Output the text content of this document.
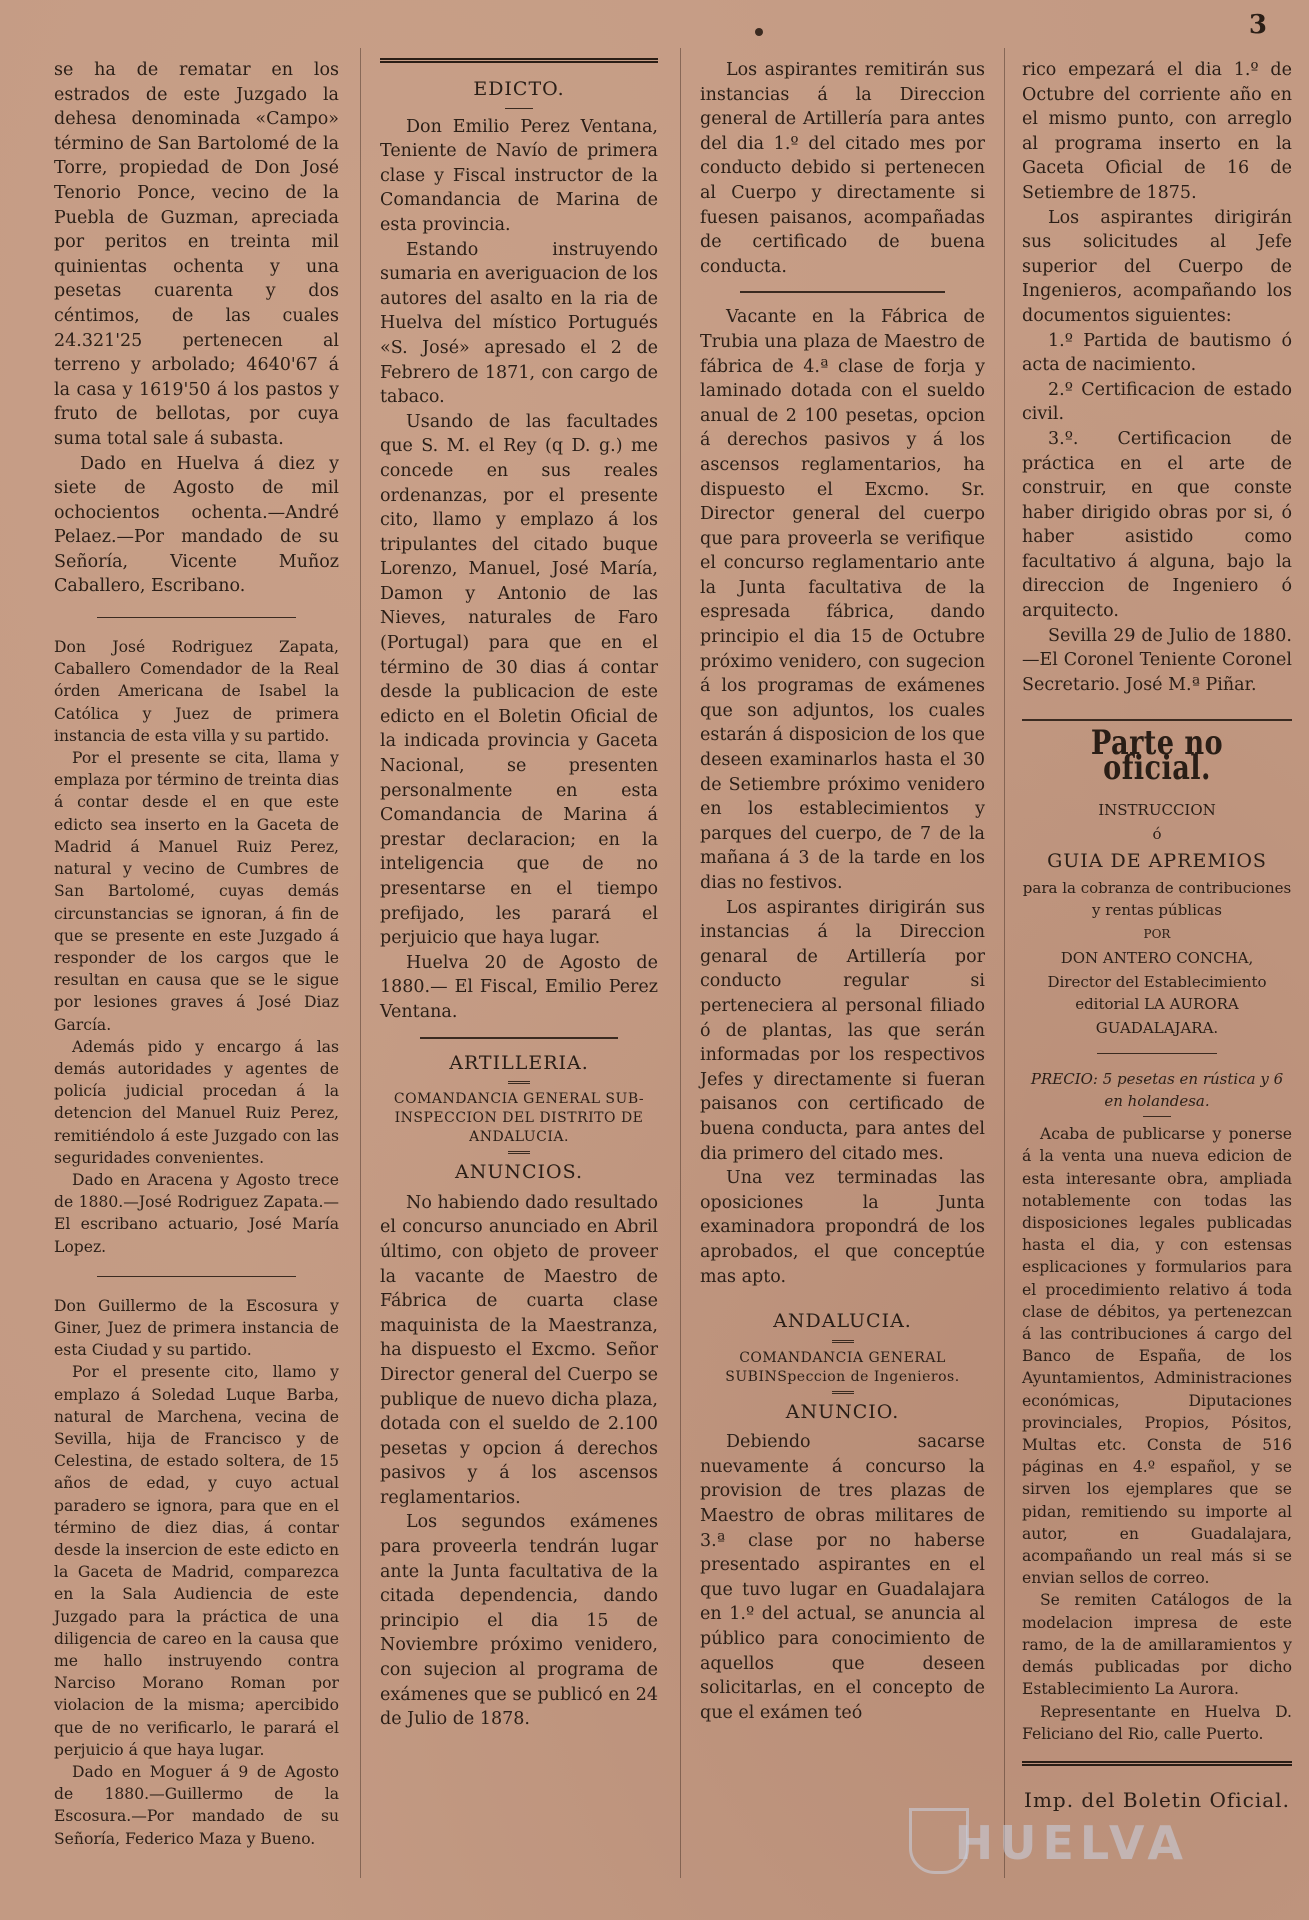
3

se ha de rematar en los estrados de este Juzgado la dehesa denominada «Campo» término de San Bartolomé de la Torre, propiedad de Don José Tenorio Ponce, vecino de la Puebla de Guzman, apreciada por peritos en treinta mil quinientas ochenta y una pesetas cuarenta y dos céntimos, de las cuales 24.321'25 pertenecen al terreno y arbolado; 4640'67 á la casa y 1619'50 á los pastos y fruto de bellotas, por cuya suma total sale á subasta.

Dado en Huelva á diez y siete de Agosto de mil ochocientos ochenta.—André Pelaez.—Por mandado de su Señoría, Vicente Muñoz Caballero, Escribano.

Don José Rodriguez Zapata, Caballero Comendador de la Real órden Americana de Isabel la Católica y Juez de primera instancia de esta villa y su partido.

Por el presente se cita, llama y emplaza por término de treinta dias á contar desde el en que este edicto sea inserto en la Gaceta de Madrid á Manuel Ruiz Perez, natural y vecino de Cumbres de San Bartolomé, cuyas demás circunstancias se ignoran, á fin de que se presente en este Juzgado á responder de los cargos que le resultan en causa que se le sigue por lesiones graves á José Diaz García.

Además pido y encargo á las demás autoridades y agentes de policía judicial procedan á la detencion del Manuel Ruiz Perez, remitiéndolo á este Juzgado con las seguridades convenientes.

Dado en Aracena y Agosto trece de 1880.—José Rodriguez Zapata.—El escribano actuario, José María Lopez.

Don Guillermo de la Escosura y Giner, Juez de primera instancia de esta Ciudad y su partido.

Por el presente cito, llamo y emplazo á Soledad Luque Barba, natural de Marchena, vecina de Sevilla, hija de Francisco y de Celestina, de estado soltera, de 15 años de edad, y cuyo actual paradero se ignora, para que en el término de diez dias, á contar desde la insercion de este edicto en la Gaceta de Madrid, comparezca en la Sala Audiencia de este Juzgado para la práctica de una diligencia de careo en la causa que me hallo instruyendo contra Narciso Morano Roman por violacion de la misma; apercibido que de no verificarlo, le parará el perjuicio á que haya lugar.

Dado en Moguer á 9 de Agosto de 1880.—Guillermo de la Escosura.—Por mandado de su Señoría, Federico Maza y Bueno.

EDICTO.

Don Emilio Perez Ventana, Teniente de Navío de primera clase y Fiscal instructor de la Comandancia de Marina de esta provincia.

Estando instruyendo sumaria en averiguacion de los autores del asalto en la ria de Huelva del místico Portugués «S. José» apresado el 2 de Febrero de 1871, con cargo de tabaco.

Usando de las facultades que S. M. el Rey (q D. g.) me concede en sus reales ordenanzas, por el presente cito, llamo y emplazo á los tripulantes del citado buque Lorenzo, Manuel, José María, Damon y Antonio de las Nieves, naturales de Faro (Portugal) para que en el término de 30 dias á contar desde la publicacion de este edicto en el Boletin Oficial de la indicada provincia y Gaceta Nacional, se presenten personalmente en esta Comandancia de Marina á prestar declaracion; en la inteligencia que de no presentarse en el tiempo prefijado, les parará el perjuicio que haya lugar.

Huelva 20 de Agosto de 1880.— El Fiscal, Emilio Perez Ventana.

ARTILLERIA.
COMANDANCIA GENERAL SUB-INSPECCION DEL DISTRITO DE ANDALUCIA.
ANUNCIOS.

No habiendo dado resultado el concurso anunciado en Abril último, con objeto de proveer la vacante de Maestro de Fábrica de cuarta clase maquinista de la Maestranza, ha dispuesto el Excmo. Señor Director general del Cuerpo se publique de nuevo dicha plaza, dotada con el sueldo de 2.100 pesetas y opcion á derechos pasivos y á los ascensos reglamentarios.

Los segundos exámenes para proveerla tendrán lugar ante la Junta facultativa de la citada dependencia, dando principio el dia 15 de Noviembre próximo venidero, con sujecion al programa de exámenes que se publicó en 24 de Julio de 1878.

Los aspirantes remitirán sus instancias á la Direccion general de Artillería para antes del dia 1.º del citado mes por conducto debido si pertenecen al Cuerpo y directamente si fuesen paisanos, acompañadas de certificado de buena conducta.

Vacante en la Fábrica de Trubia una plaza de Maestro de fábrica de 4.ª clase de forja y laminado dotada con el sueldo anual de 2 100 pesetas, opcion á derechos pasivos y á los ascensos reglamentarios, ha dispuesto el Excmo. Sr. Director general del cuerpo que para proveerla se verifique el concurso reglamentario ante la Junta facultativa de la espresada fábrica, dando principio el dia 15 de Octubre próximo venidero, con sugecion á los programas de exámenes que son adjuntos, los cuales estarán á disposicion de los que deseen examinarlos hasta el 30 de Setiembre próximo venidero en los establecimientos y parques del cuerpo, de 7 de la mañana á 3 de la tarde en los dias no festivos.

Los aspirantes dirigirán sus instancias á la Direccion genaral de Artillería por conducto regular si perteneciera al personal filiado ó de plantas, las que serán informadas por los respectivos Jefes y directamente si fueran paisanos con certificado de buena conducta, para antes del dia primero del citado mes.

Una vez terminadas las oposiciones la Junta examinadora propondrá de los aprobados, el que conceptúe mas apto.

ANDALUCIA.
COMANDANCIA GENERAL SUBINSpeccion de Ingenieros.
ANUNCIO.

Debiendo sacarse nuevamente á concurso la provision de tres plazas de Maestro de obras militares de 3.ª clase por no haberse presentado aspirantes en el que tuvo lugar en Guadalajara en 1.º del actual, se anuncia al público para conocimiento de aquellos que deseen solicitarlas, en el concepto de que el exámen teó

rico empezará el dia 1.º de Octubre del corriente año en el mismo punto, con arreglo al programa inserto en la Gaceta Oficial de 16 de Setiembre de 1875.

Los aspirantes dirigirán sus solicitudes al Jefe superior del Cuerpo de Ingenieros, acompañando los documentos siguientes:

1.º Partida de bautismo ó acta de nacimiento.

2.º Certificacion de estado civil.

3.º. Certificacion de práctica en el arte de construir, en que conste haber dirigido obras por si, ó haber asistido como facultativo á alguna, bajo la direccion de Ingeniero ó arquitecto.

Sevilla 29 de Julio de 1880. —El Coronel Teniente Coronel Secretario. José M.ª Piñar.

Parte no oficial.
INSTRUCCION
ó
GUIA DE APREMIOS
para la cobranza de contribuciones y rentas públicas
POR
DON ANTERO CONCHA,
Director del Establecimiento editorial LA AURORA
GUADALAJARA.
PRECIO: 5 pesetas en rústica y 6 en holandesa.

Acaba de publicarse y ponerse á la venta una nueva edicion de esta interesante obra, ampliada notablemente con todas las disposiciones legales publicadas hasta el dia, y con estensas esplicaciones y formularios para el procedimiento relativo á toda clase de débitos, ya pertenezcan á las contribuciones á cargo del Banco de España, de los Ayuntamientos, Administraciones económicas, Diputaciones provinciales, Propios, Pósitos, Multas etc. Consta de 516 páginas en 4.º español, y se sirven los ejemplares que se pidan, remitiendo su importe al autor, en Guadalajara, acompañando un real más si se envian sellos de correo.

Se remiten Catálogos de la modelacion impresa de este ramo, de la de amillaramientos y demás publicadas por dicho Establecimiento La Aurora.

Representante en Huelva D. Feliciano del Rio, calle Puerto.

Imp. del Boletin Oficial.
HUELVA
